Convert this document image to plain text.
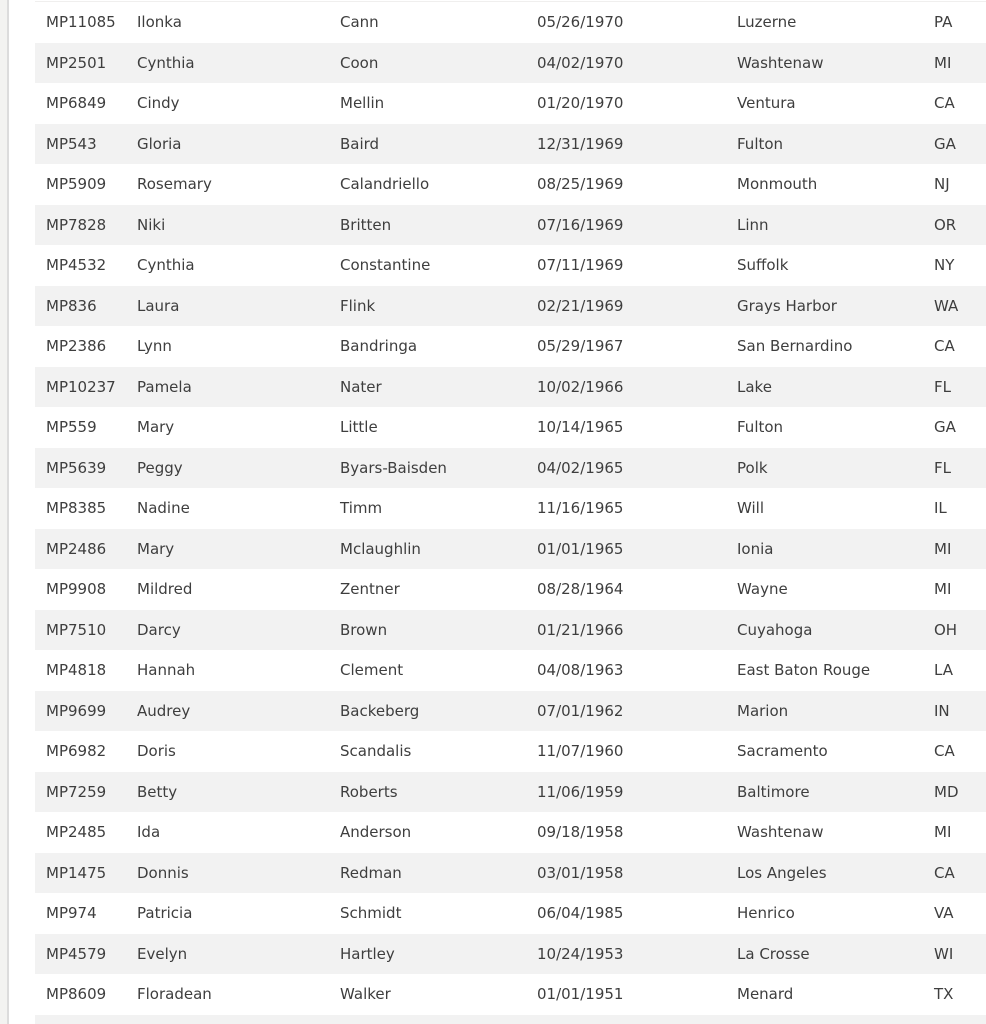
MP11085	Ilonka	Cann	05/26/1970	Luzerne	PA
MP2501	Cynthia	Coon	04/02/1970	Washtenaw	MI
MP6849	Cindy	Mellin	01/20/1970	Ventura	CA
MP543	Gloria	Baird	12/31/1969	Fulton	GA
MP5909	Rosemary	Calandriello	08/25/1969	Monmouth	NJ
MP7828	Niki	Britten	07/16/1969	Linn	OR
MP4532	Cynthia	Constantine	07/11/1969	Suffolk	NY
MP836	Laura	Flink	02/21/1969	Grays Harbor	WA
MP2386	Lynn	Bandringa	05/29/1967	San Bernardino	CA
MP10237	Pamela	Nater	10/02/1966	Lake	FL
MP559	Mary	Little	10/14/1965	Fulton	GA
MP5639	Peggy	Byars-Baisden	04/02/1965	Polk	FL
MP8385	Nadine	Timm	11/16/1965	Will	IL
MP2486	Mary	Mclaughlin	01/01/1965	Ionia	MI
MP9908	Mildred	Zentner	08/28/1964	Wayne	MI
MP7510	Darcy	Brown	01/21/1966	Cuyahoga	OH
MP4818	Hannah	Clement	04/08/1963	East Baton Rouge	LA
MP9699	Audrey	Backeberg	07/01/1962	Marion	IN
MP6982	Doris	Scandalis	11/07/1960	Sacramento	CA
MP7259	Betty	Roberts	11/06/1959	Baltimore	MD
MP2485	Ida	Anderson	09/18/1958	Washtenaw	MI
MP1475	Donnis	Redman	03/01/1958	Los Angeles	CA
MP974	Patricia	Schmidt	06/04/1985	Henrico	VA
MP4579	Evelyn	Hartley	10/24/1953	La Crosse	WI
MP8609	Floradean	Walker	01/01/1951	Menard	TX
